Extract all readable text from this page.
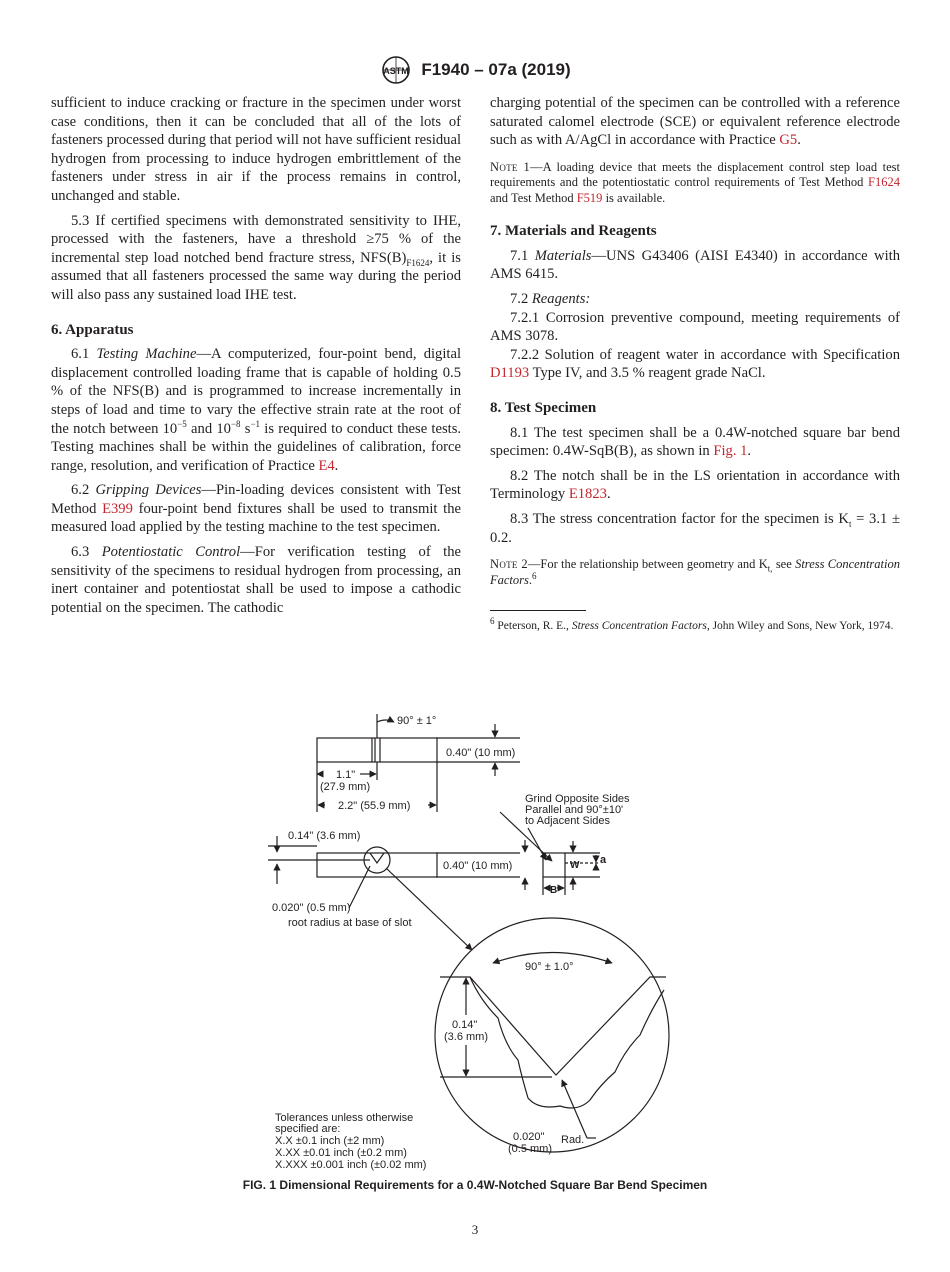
ASTM F1940 – 07a (2019)

sufficient to induce cracking or fracture in the specimen under worst case conditions, then it can be concluded that all of the lots of fasteners processed during that period will not have sufficient residual hydrogen from processing to induce hydrogen embrittlement of the fasteners under stress in air if the process remains in control, unchanged and stable.

5.3 If certified specimens with demonstrated sensitivity to IHE, processed with the fasteners, have a threshold ≥75 % of the incremental step load notched bend fracture stress, $NFS(B)_{F1624}$, it is assumed that all fasteners processed the same way during the period will also pass any sustained load IHE test.

6. Apparatus

6.1 Testing Machine—A computerized, four-point bend, digital displacement controlled loading frame that is capable of holding 0.5 % of the NFS(B) and is programmed to increase incrementally in steps of load and time to vary the effective strain rate at the root of the notch between $10^{-5}$ and $10^{-8}$ $s^{-1}$ is required to conduct these tests. Testing machines shall be within the guidelines of calibration, force range, resolution, and verification of Practice E4.

6.2 Gripping Devices—Pin-loading devices consistent with Test Method E399 four-point bend fixtures shall be used to transmit the measured load applied by the testing machine to the test specimen.

6.3 Potentiostatic Control—For verification testing of the sensitivity of the specimens to residual hydrogen from processing, an inert container and potentiostat shall be used to impose a cathodic potential on the specimen. The cathodic

charging potential of the specimen can be controlled with a reference saturated calomel electrode (SCE) or equivalent reference electrode such as with A/AgCl in accordance with Practice G5.

Note 1—A loading device that meets the displacement control step load test requirements and the potentiostatic control requirements of Test Method F1624 and Test Method F519 is available.

7. Materials and Reagents

7.1 Materials—UNS G43406 (AISI E4340) in accordance with AMS 6415.

7.2 Reagents:

7.2.1 Corrosion preventive compound, meeting requirements of AMS 3078.

7.2.2 Solution of reagent water in accordance with Specification D1193 Type IV, and 3.5 % reagent grade NaCl.

8. Test Specimen

8.1 The test specimen shall be a 0.4W-notched square bar bend specimen: 0.4W-SqB(B), as shown in Fig. 1.

8.2 The notch shall be in the LS orientation in accordance with Terminology E1823.

8.3 The stress concentration factor for the specimen is $K_t = 3.1 \pm 0.2$.

Note 2—For the relationship between geometry and $K_{t,}$ see Stress Concentration Factors.$^6$

$^6$ Peterson, R. E., Stress Concentration Factors, John Wiley and Sons, New York, 1974.

90° ± 1°
0.40" (10 mm)
1.1"
(27.9 mm)
2.2" (55.9 mm)
Grind Opposite Sides
Parallel and 90°±10'
to Adjacent Sides
0.14" (3.6 mm)
0.40" (10 mm)	W a
B
0.020" (0.5 mm)
root radius at base of slot
90° ± 1.0°
0.14"
(3.6 mm)
0.020"
(0.5 mm)
Rad.
Tolerances unless otherwise
specified are:
X.X ±0.1 inch (±2 mm)
X.XX ±0.01 inch (±0.2 mm)
X.XXX ±0.001 inch (±0.02 mm)
FIG. 1 Dimensional Requirements for a 0.4W-Notched Square Bar Bend Specimen
3
